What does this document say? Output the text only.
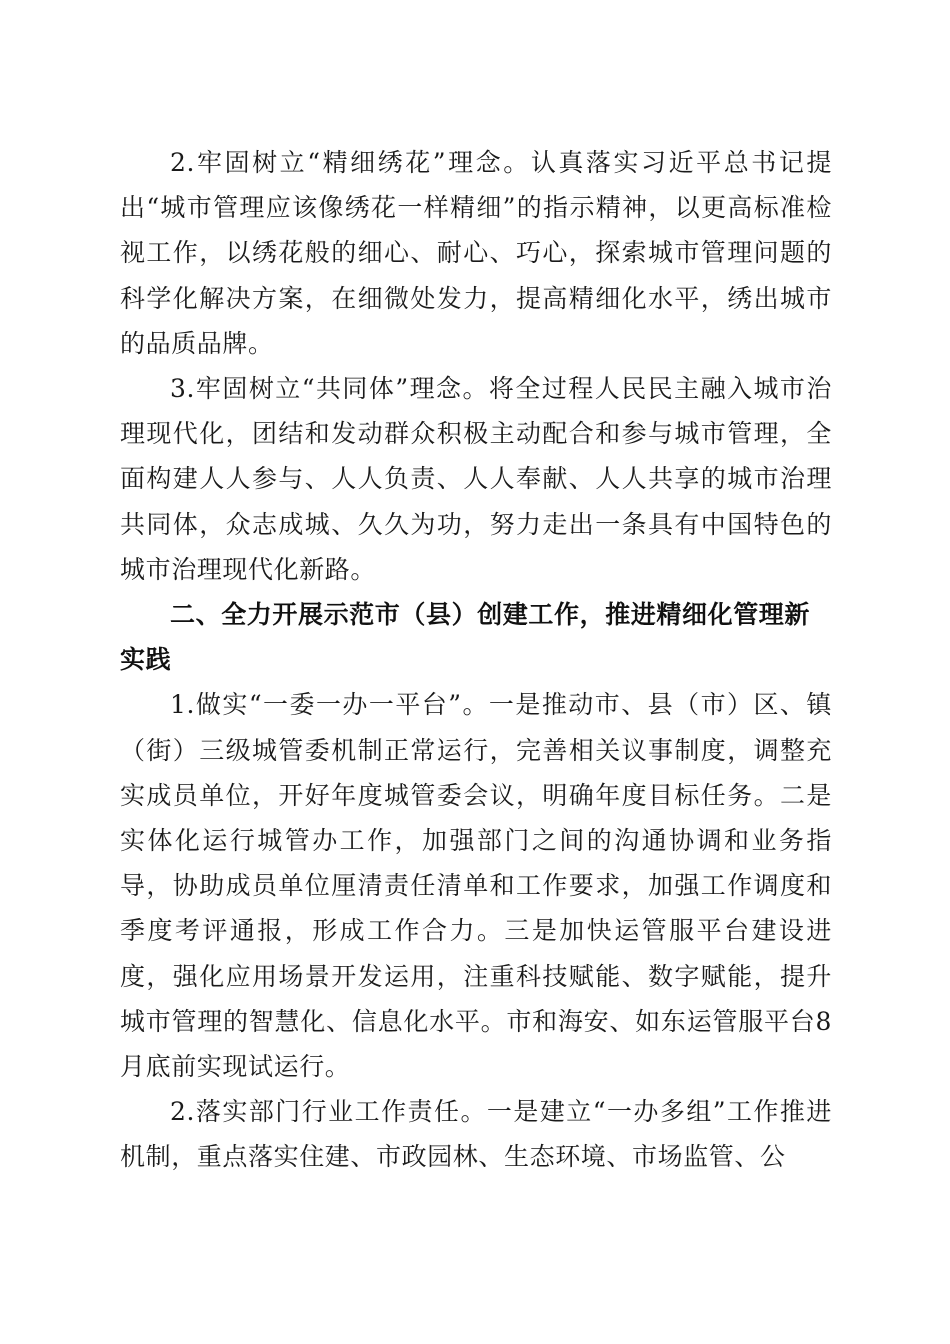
2.牢固树立“精细绣花”理念。认真落实习近平总书记提出“城市管理应该像绣花一样精细”的指示精神，以更高标准检视工作，以绣花般的细心、耐心、巧心，探索城市管理问题的科学化解决方案，在细微处发力，提高精细化水平，绣出城市的品质品牌。

3.牢固树立“共同体”理念。将全过程人民民主融入城市治理现代化，团结和发动群众积极主动配合和参与城市管理，全面构建人人参与、人人负责、人人奉献、人人共享的城市治理共同体，众志成城、久久为功，努力走出一条具有中国特色的城市治理现代化新路。

二、全力开展示范市（县）创建工作，推进精细化管理新实践

1.做实“一委一办一平台”。一是推动市、县（市）区、镇（街）三级城管委机制正常运行，完善相关议事制度，调整充实成员单位，开好年度城管委会议，明确年度目标任务。二是实体化运行城管办工作，加强部门之间的沟通协调和业务指导，协助成员单位厘清责任清单和工作要求，加强工作调度和季度考评通报，形成工作合力。三是加快运管服平台建设进度，强化应用场景开发运用，注重科技赋能、数字赋能，提升城市管理的智慧化、信息化水平。市和海安、如东运管服平台8月底前实现试运行。

2.落实部门行业工作责任。一是建立“一办多组”工作推进机制，重点落实住建、市政园林、生态环境、市场监管、公
